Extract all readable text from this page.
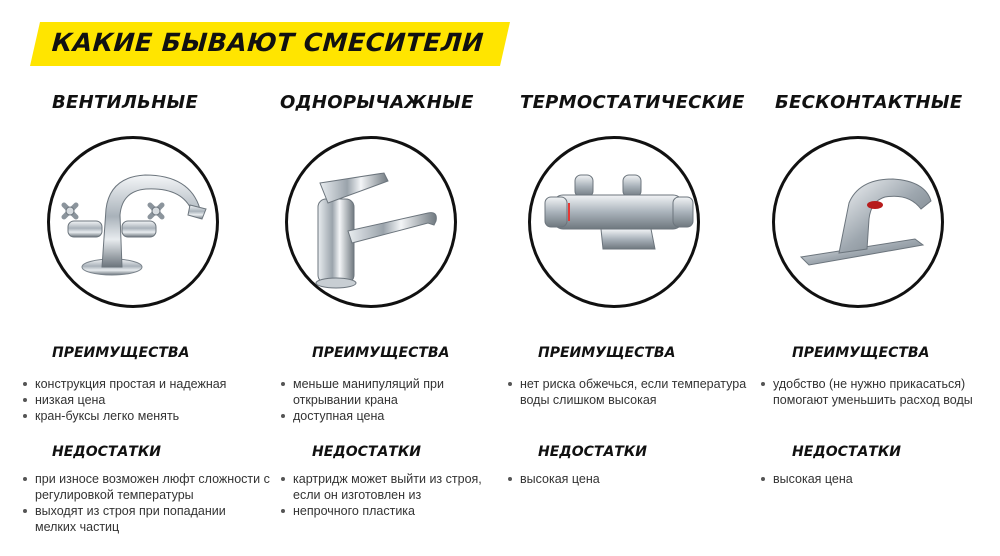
КАКИЕ БЫВАЮТ СМЕСИТЕЛИ
ВЕНТИЛЬНЫЕ
ПРЕИМУЩЕСТВА
конструкция простая и надежная
низкая цена
кран-буксы легко менять
НЕДОСТАТКИ
при износе возможен люфт сложности с регулировкой температуры
выходят из строя при попадании мелких частиц
ОДНОРЫЧАЖНЫЕ
ПРЕИМУЩЕСТВА
меньше манипуляций при открывании крана
доступная цена
НЕДОСТАТКИ
картридж может выйти из строя, если он изготовлен из
непрочного пластика
ТЕРМОСТАТИЧЕСКИЕ
ПРЕИМУЩЕСТВА
нет риска обжечься, если температура воды слишком высокая
НЕДОСТАТКИ
высокая цена
БЕСКОНТАКТНЫЕ
ПРЕИМУЩЕСТВА
удобство (не нужно прикасаться) помогают уменьшить расход воды
НЕДОСТАТКИ
высокая цена
